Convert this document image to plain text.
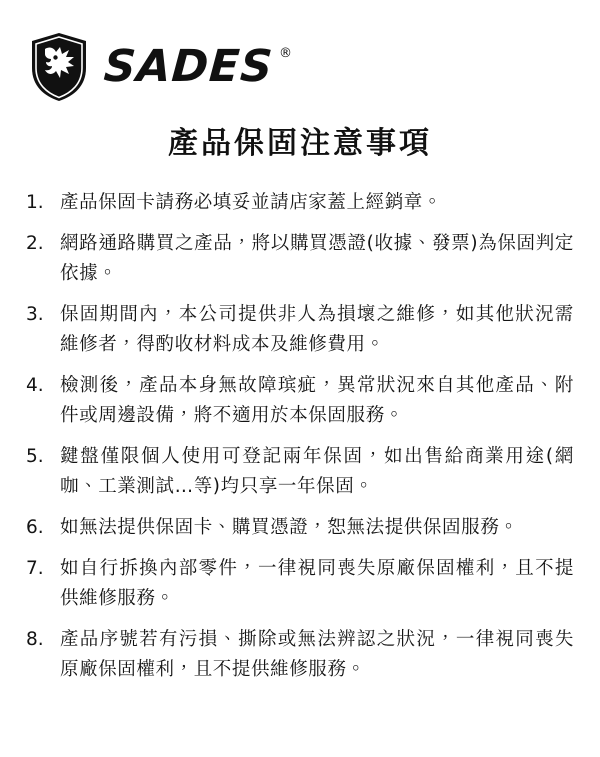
SADES ®
產品保固注意事項
1. 產品保固卡請務必填妥並請店家蓋上經銷章。
2. 網路通路購買之產品，將以購買憑證(收據、發票)為保固判定依據。
3. 保固期間內，本公司提供非人為損壞之維修，如其他狀況需維修者，得酌收材料成本及維修費用。
4. 檢測後，產品本身無故障瑸疵，異常狀況來自其他產品、附件或周邊設備，將不適用於本保固服務。
5. 鍵盤僅限個人使用可登記兩年保固，如出售給商業用途(網咖、工業測試…等)均只享一年保固。
6. 如無法提供保固卡、購買憑證，恕無法提供保固服務。
7. 如自行拆換內部零件，一律視同喪失原廠保固權利，且不提供維修服務。
8. 產品序號若有污損、撕除或無法辨認之狀況，一律視同喪失原廠保固權利，且不提供維修服務。
